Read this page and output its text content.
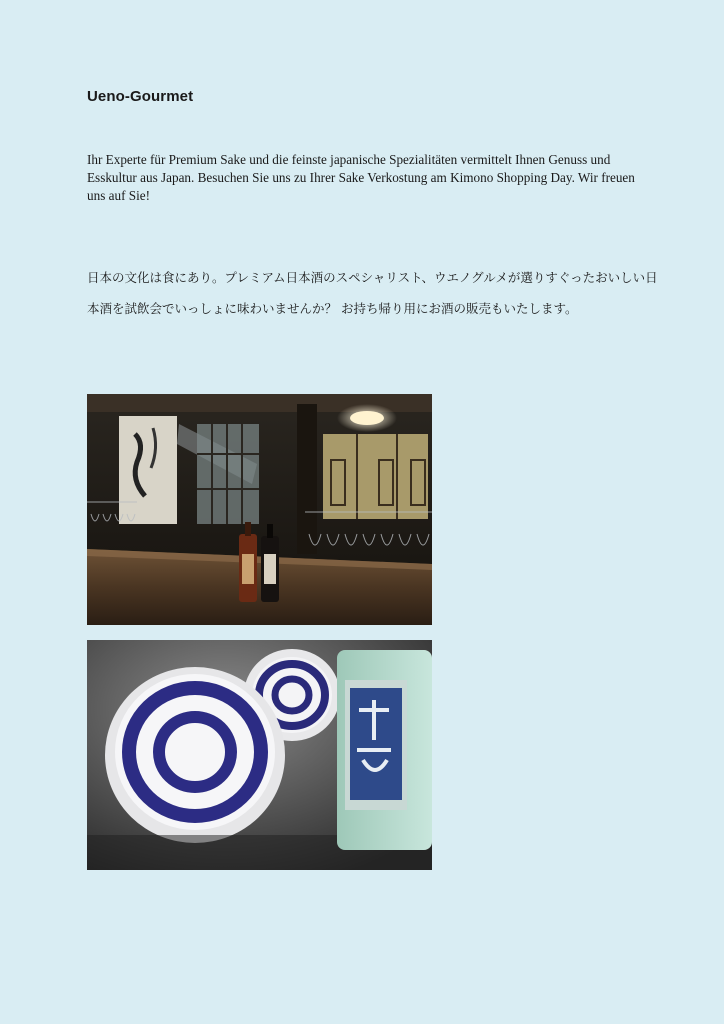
Ueno-Gourmet

Ihr Experte für Premium Sake und die feinste japanische Spezialitäten vermittelt Ihnen Genuss und Esskultur aus Japan. Besuchen Sie uns zu Ihrer Sake Verkostung am Kimono Shopping Day. Wir freuen uns auf Sie!

日本の文化は食にあり。プレミアム日本酒のスペシャリスト、ウエノグルメが選りすぐったおいしい日本酒を試飲会でいっしょに味わいませんか？ お持ち帰り用にお酒の販売もいたします。
